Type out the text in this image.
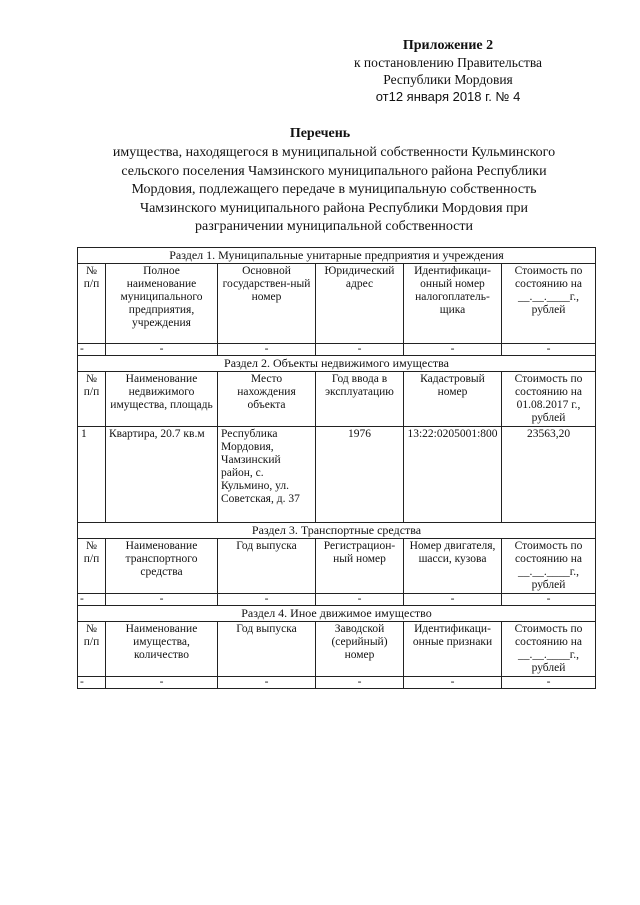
Приложение 2
к постановлению Правительства
Республики Мордовия
от12 января 2018 г. № 4
Перечень
имущества, находящегося в муниципальной собственности Кульминского
сельского поселения Чамзинского муниципального района Республики
Мордовия, подлежащего передаче в муниципальную собственность
Чамзинского муниципального района Республики Мордовия при
разграничении муниципальной собственности
Раздел 1. Муниципальные унитарные предприятия и учреждения					
№ п/п	Полное наименование муниципального предприятия, учреждения	Основной государствен-ный номер	Юридический адрес	Идентификаци-онный номер налогоплатель-щика	Стоимость по состоянию на __.__.____г., рублей
-	-	-	-	-	-
Раздел 2. Объекты недвижимого имущества					
№ п/п	Наименование недвижимого имущества, площадь	Место нахождения объекта	Год ввода в эксплуатацию	Кадастровый номер	Стоимость по состоянию на 01.08.2017 г., рублей
1	Квартира, 20.7 кв.м	Республика Мордовия, Чамзинский район, с. Кульмино, ул. Советская, д. 37	1976	13:22:0205001:800	23563,20
Раздел 3. Транспортные средства					
№ п/п	Наименование транспортного средства	Год выпуска	Регистрацион-ный номер	Номер двигателя, шасси, кузова	Стоимость по состоянию на __.__.____г., рублей
-	-	-	-	-	-
Раздел 4. Иное движимое имущество					
№ п/п	Наименование имущества, количество	Год выпуска	Заводской (серийный) номер	Идентификаци-онные признаки	Стоимость по состоянию на __.__.____г., рублей
-	-	-	-	-	-
